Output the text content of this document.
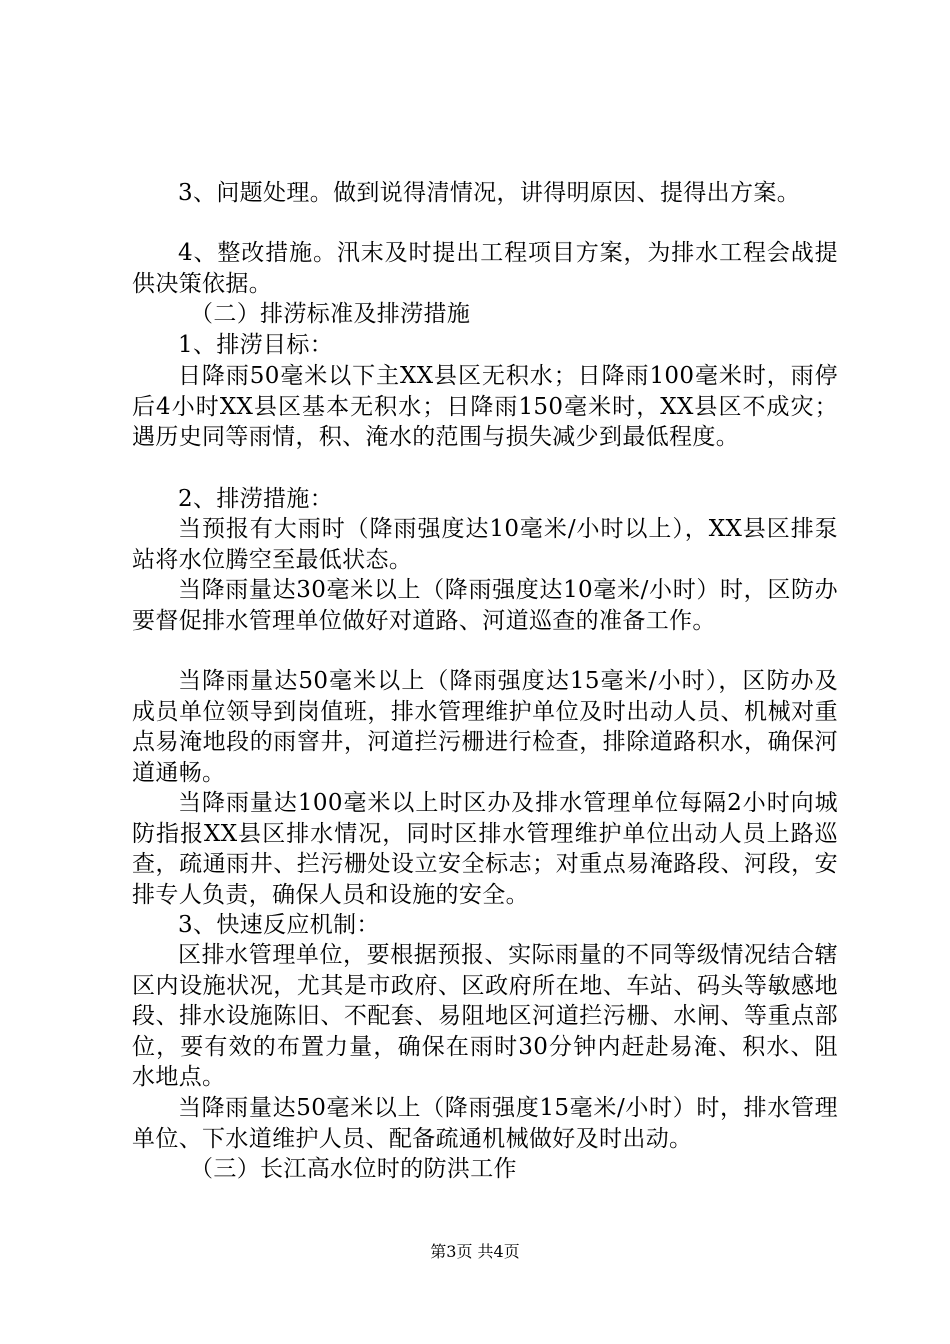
3、问题处理。做到说得清情况，讲得明原因、提得出方案。

4、整改措施。汛末及时提出工程项目方案，为排水工程会战提供决策依据。

（二）排涝标准及排涝措施

1、排涝目标：

日降雨50毫米以下主XX县区无积水；日降雨100毫米时，雨停后4小时XX县区基本无积水；日降雨150毫米时，XX县区不成灾；遇历史同等雨情，积、淹水的范围与损失减少到最低程度。

2、排涝措施：

当预报有大雨时（降雨强度达10毫米/小时以上），XX县区排泵站将水位腾空至最低状态。

当降雨量达30毫米以上（降雨强度达10毫米/小时）时，区防办要督促排水管理单位做好对道路、河道巡查的准备工作。

当降雨量达50毫米以上（降雨强度达15毫米/小时），区防办及成员单位领导到岗值班，排水管理维护单位及时出动人员、机械对重点易淹地段的雨窨井，河道拦污栅进行检查，排除道路积水，确保河道通畅。

当降雨量达100毫米以上时区办及排水管理单位每隔2小时向城防指报XX县区排水情况，同时区排水管理维护单位出动人员上路巡查，疏通雨井、拦污栅处设立安全标志；对重点易淹路段、河段，安排专人负责，确保人员和设施的安全。

3、快速反应机制：

区排水管理单位，要根据预报、实际雨量的不同等级情况结合辖区内设施状况，尤其是市政府、区政府所在地、车站、码头等敏感地段、排水设施陈旧、不配套、易阻地区河道拦污栅、水闸、等重点部位，要有效的布置力量，确保在雨时30分钟内赶赴易淹、积水、阻水地点。

当降雨量达50毫米以上（降雨强度15毫米/小时）时，排水管理单位、下水道维护人员、配备疏通机械做好及时出动。

（三）长江高水位时的防洪工作

第3页 共4页
